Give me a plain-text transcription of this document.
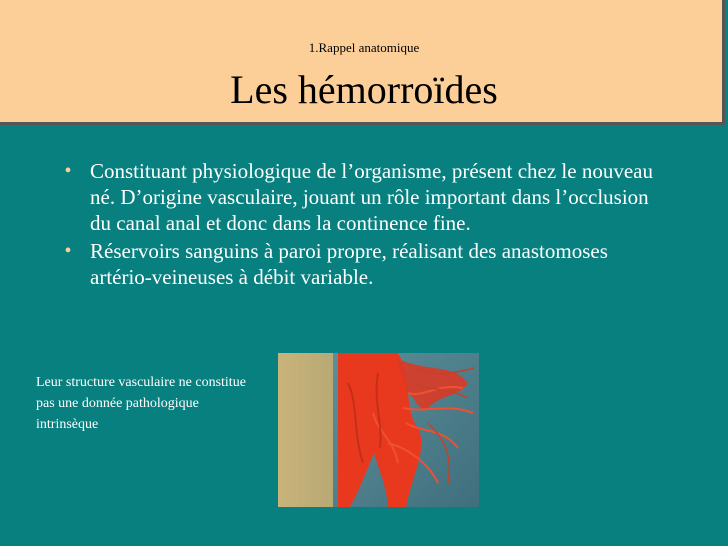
1.Rappel anatomique
Les hémorroïdes
• Constituant physiologique de l’organisme, présent chez le nouveau né. D’origine vasculaire, jouant un rôle important dans l’occlusion du canal anal et donc dans la continence fine.
• Réservoirs sanguins à paroi propre, réalisant des anastomoses artério-veineuses à débit variable.
Leur structure vasculaire ne constitue pas une donnée pathologique intrinsèque
